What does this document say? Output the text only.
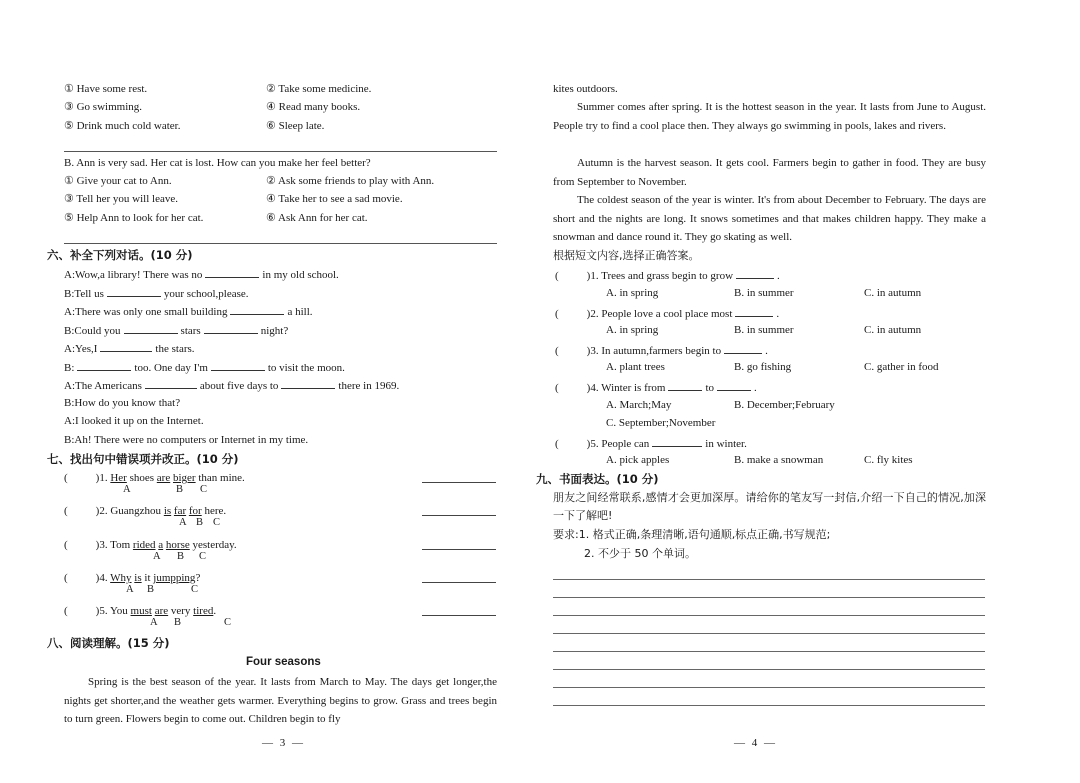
① Have some rest.	② Take some medicine.
③ Go swimming.	④ Read many books.
⑤ Drink much cold water.	⑥ Sleep late.
B. Ann is very sad. Her cat is lost. How can you make her feel better?
① Give your cat to Ann.	② Ask some friends to play with Ann.
③ Tell her you will leave.	④ Take her to see a sad movie.
⑤ Help Ann to look for her cat.	⑥ Ask Ann for her cat.
六、补全下列对话。(10 分)
A:Wow,a library! There was no	in my old school.
B:Tell us	your school,please.
A:There was only one small building	a hill.
B:Could you	stars	night?
A:Yes,I	the stars.
B:	too. One day I'm	to visit the moon.
A:The Americans	about five days to	there in 1969.
B:How do you know that?
A:I looked it up on the Internet.
B:Ah! There were no computers or Internet in my time.
七、找出句中错误项并改正。(10 分)
(	)1. Her shoes are biger than mine.
A	B C
(	)2. Guangzhou is far for here.
A B C
(	)3. Tom rided a horse yesterday.
A B C
(	)4. Why is it jumpping?
A B	C
(	)5. You must are very tired.
A B	C
八、阅读理解。(15 分)
Four seasons
Spring is the best season of the year. It lasts from March to May. The days get longer,the nights get shorter,and the weather gets warmer. Everything begins to grow. Grass and trees begin to turn green. Flowers begin to come out. Children begin to fly
— 3 —
kites outdoors.
Summer comes after spring. It is the hottest season in the year. It lasts from June to August. People try to find a cool place then. They always go swimming in pools, lakes and rivers.
Autumn is the harvest season. It gets cool. Farmers begin to gather in food. They are busy from September to November.
The coldest season of the year is winter. It's from about December to February. The days are short and the nights are long. It snows sometimes and that makes children happy. They make a snowman and dance round it. They go skating as well.
根据短文内容,选择正确答案。
(	)1. Trees and grass begin to grow	.
A. in spring	B. in summer	C. in autumn
(	)2. People love a cool place most	.
A. in spring	B. in summer	C. in autumn
(	)3. In autumn,farmers begin to	.
A. plant trees	B. go fishing	C. gather in food
(	)4. Winter is from	to	.
A. March;May	B. December;February
C. September;November
(	)5. People can	in winter.
A. pick apples	B. make a snowman	C. fly kites
九、书面表达。(10 分)
朋友之间经常联系,感情才会更加深厚。请给你的笔友写一封信,介绍一下自己的情况,加深一下了解吧!
要求:1. 格式正确,条理清晰,语句通顺,标点正确,书写规范;
2. 不少于 50 个单词。
— 4 —
